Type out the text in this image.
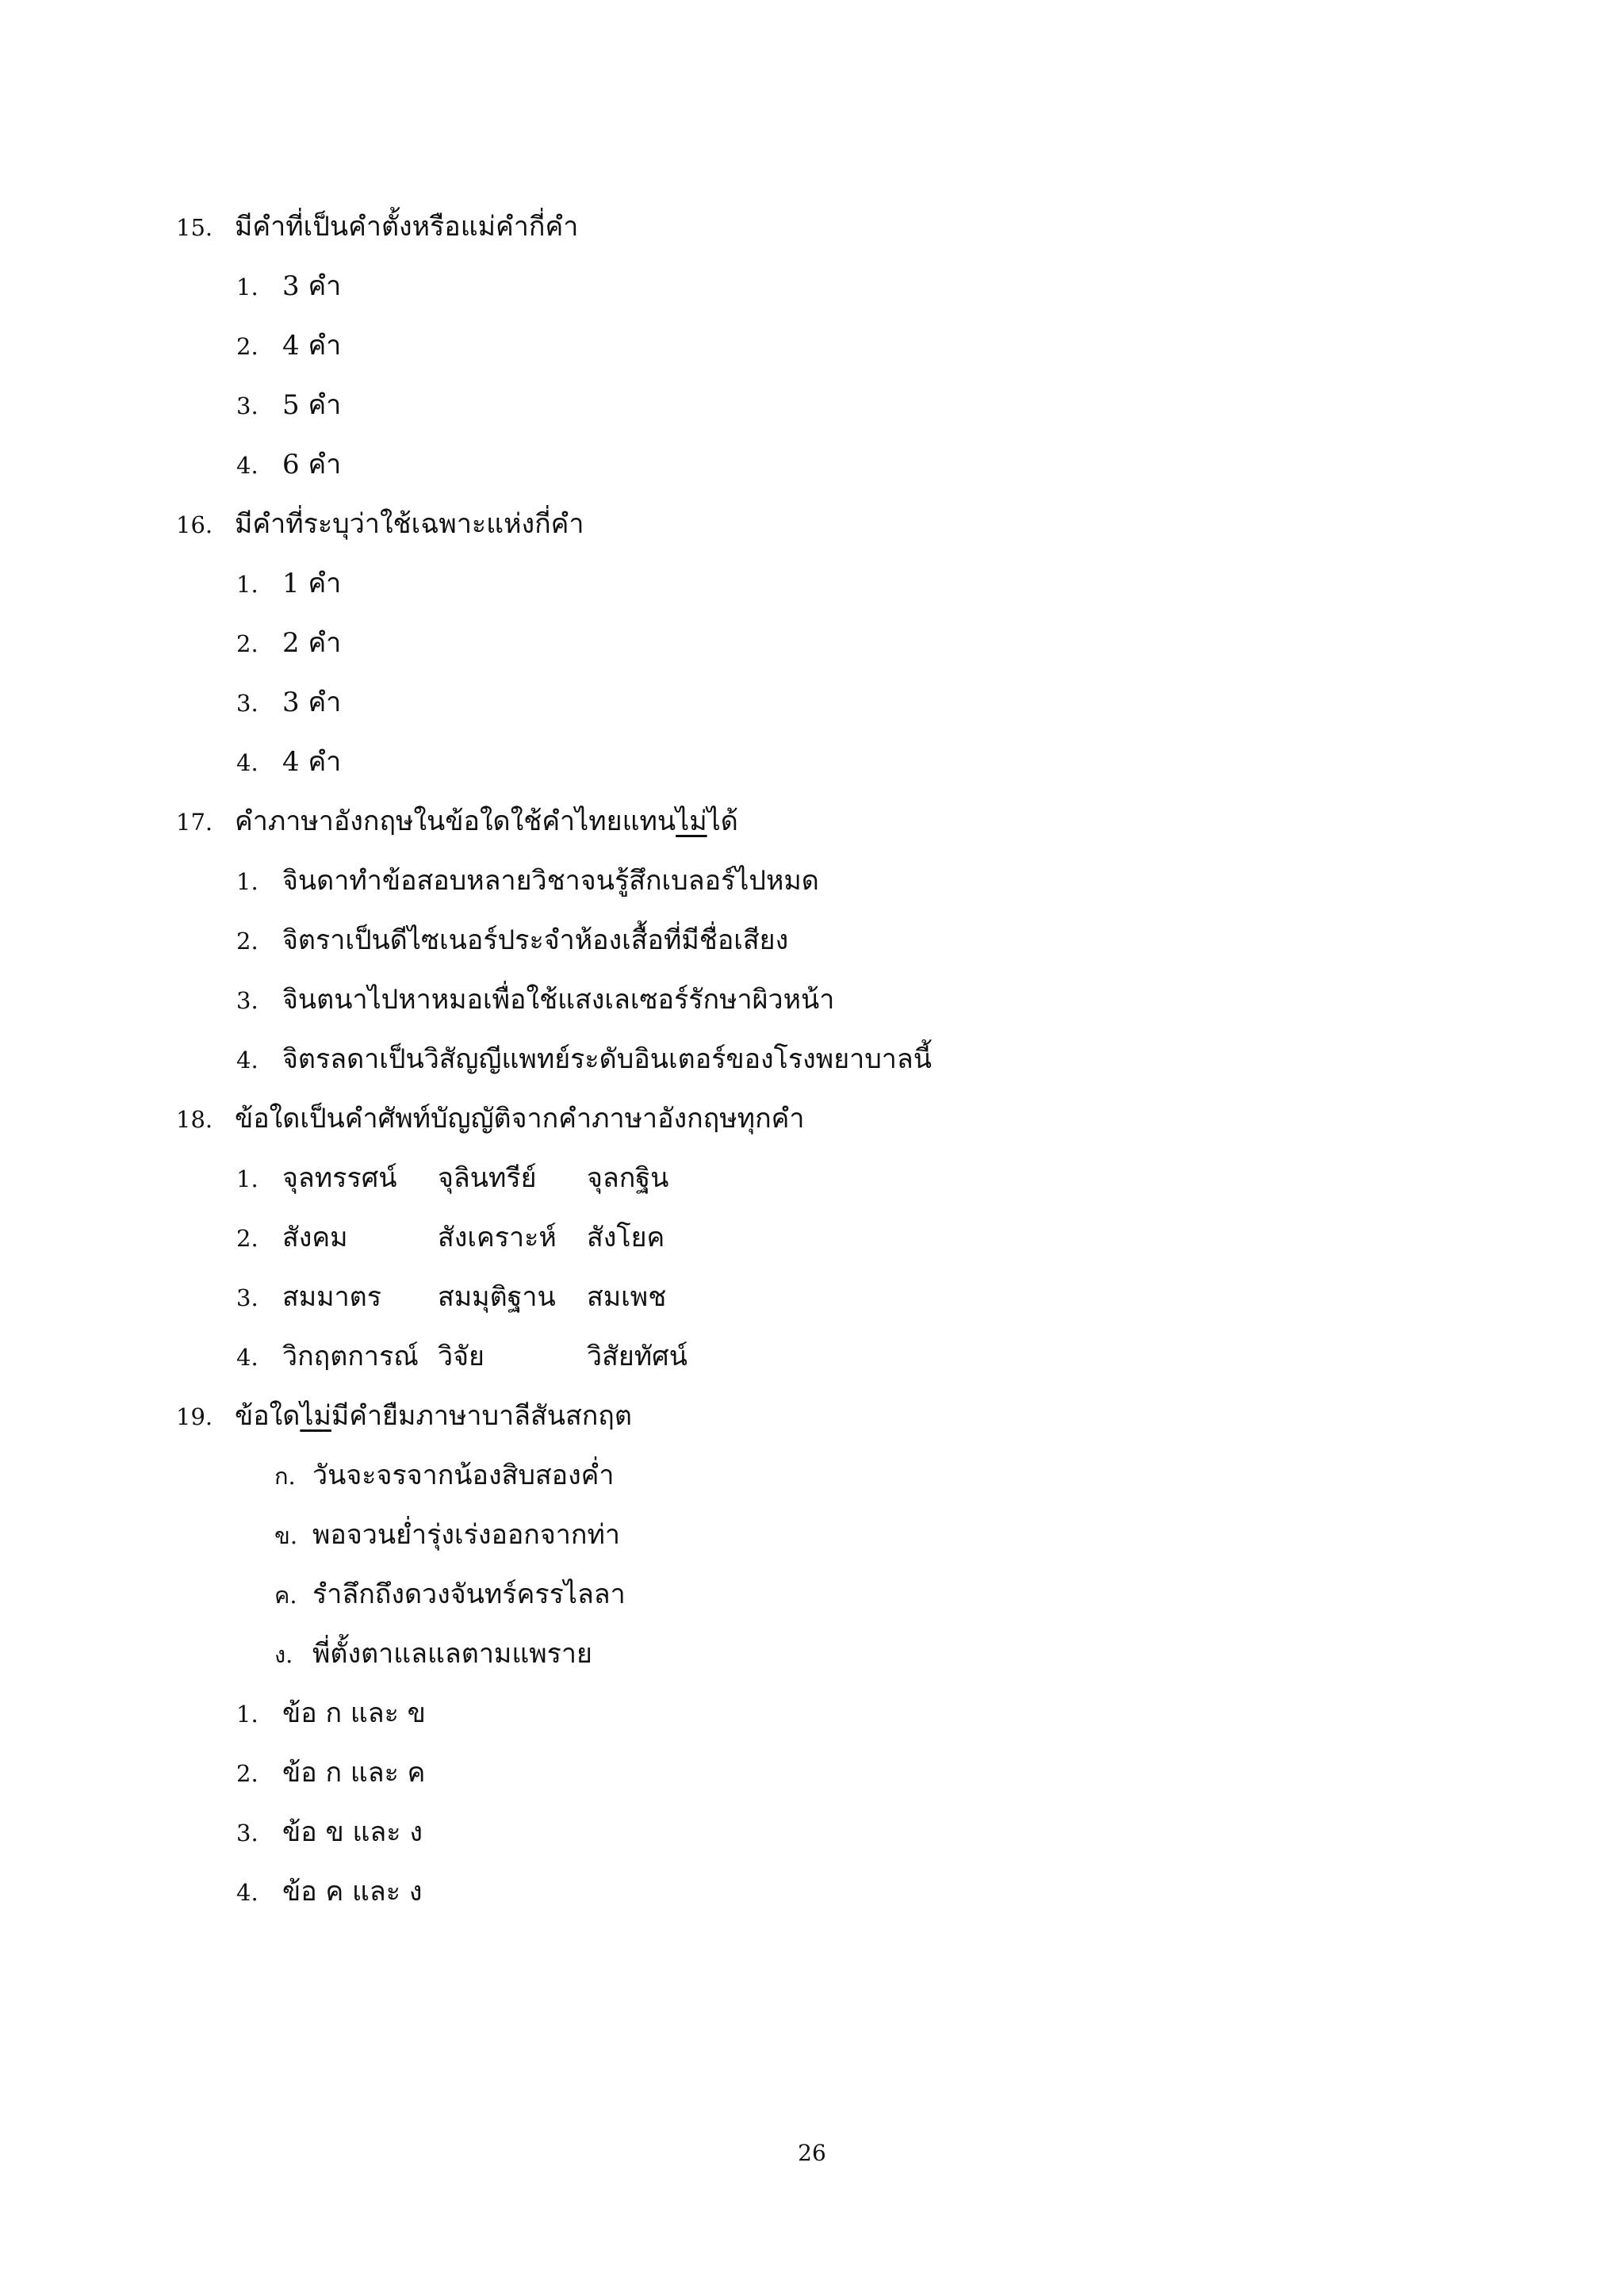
15. มีคำที่เป็นคำตั้งหรือแม่คำกี่คำ
1. 3 คำ
2. 4 คำ
3. 5 คำ
4. 6 คำ
16. มีคำที่ระบุว่าใช้เฉพาะแห่งกี่คำ
1. 1 คำ
2. 2 คำ
3. 3 คำ
4. 4 คำ
17. คำภาษาอังกฤษในข้อใดใช้คำไทยแทนไม่ได้
1. จินดาทำข้อสอบหลายวิชาจนรู้สึกเบลอร์ไปหมด
2. จิตราเป็นดีไซเนอร์ประจำห้องเสื้อที่มีชื่อเสียง
3. จินตนาไปหาหมอเพื่อใช้แสงเลเซอร์รักษาผิวหน้า
4. จิตรลดาเป็นวิสัญญีแพทย์ระดับอินเตอร์ของโรงพยาบาลนี้
18. ข้อใดเป็นคำศัพท์บัญญัติจากคำภาษาอังกฤษทุกคำ
1. จุลทรรศน์ จุลินทรีย์ จุลกฐิน
2. สังคม	สังเคราะห์ สังโยค
3. สมมาตร สมมุติฐาน สมเพช
4. วิกฤตการณ์ วิจัย	วิสัยทัศน์
19. ข้อใดไม่มีคำยืมภาษาบาลีสันสกฤต
ก. วันจะจรจากน้องสิบสองค่ำ
ข. พอจวนย่ำรุ่งเร่งออกจากท่า
ค. รำลึกถึงดวงจันทร์ครรไลลา
ง. พี่ตั้งตาแลแลตามแพราย
1. ข้อ ก และ ข
2. ข้อ ก และ ค
3. ข้อ ข และ ง
4. ข้อ ค และ ง
26
